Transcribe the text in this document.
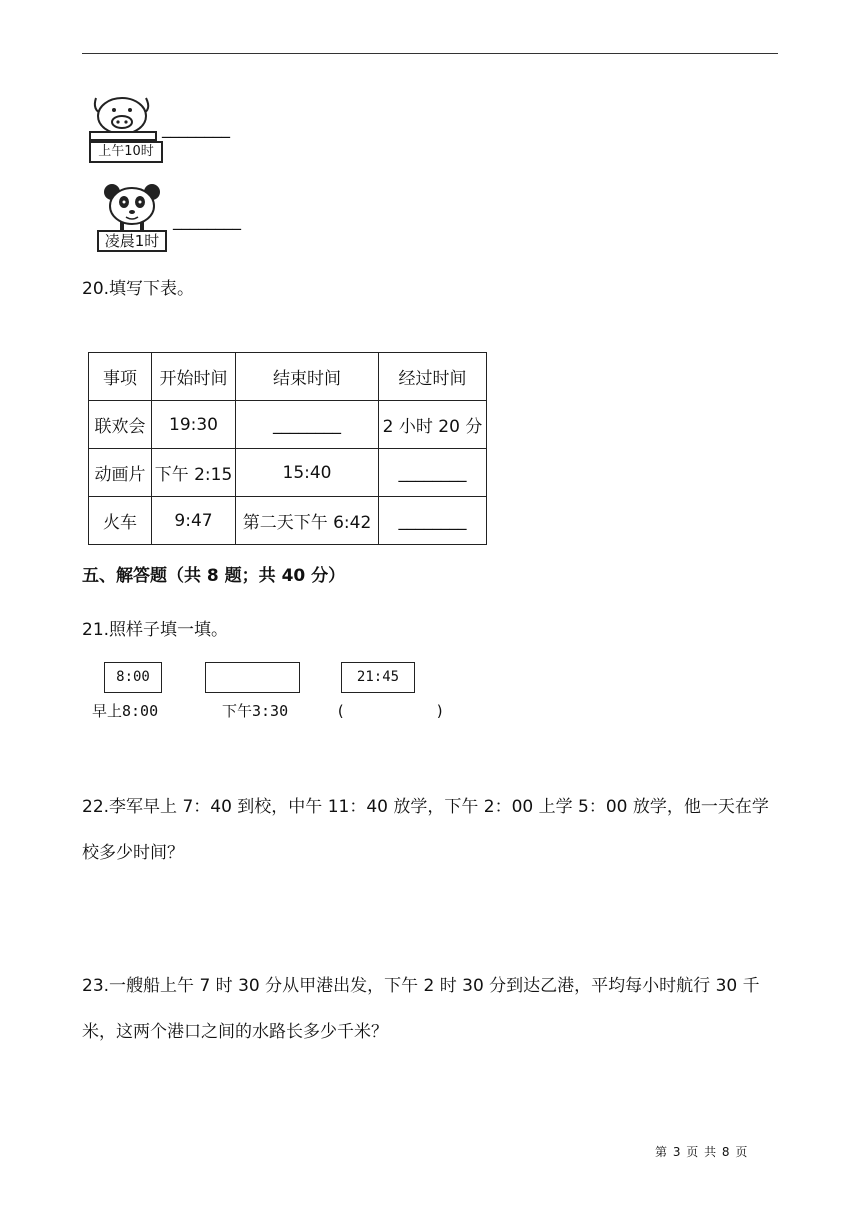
上午10时
________
凌晨1时
________
20.填写下表。
事项	开始时间	结束时间	经过时间
联欢会	19:30	________	2 小时 20 分
动画片	下午 2:15	15:40	________
火车	9:47	第二天下午 6:42	________
五、解答题（共 8 题；共 40 分）
21.照样子填一填。
8:00
早上8:00	下午3:30
21:45
(          )
22.李军早上 7：40 到校，中午 11：40 放学，下午 2：00 上学 5：00 放学，他一天在学校多少时间？
23.一艘船上午 7 时 30 分从甲港出发，下午 2 时 30 分到达乙港，平均每小时航行 30 千米，这两个港口之间的水路长多少千米？
第 3 页 共 8 页
